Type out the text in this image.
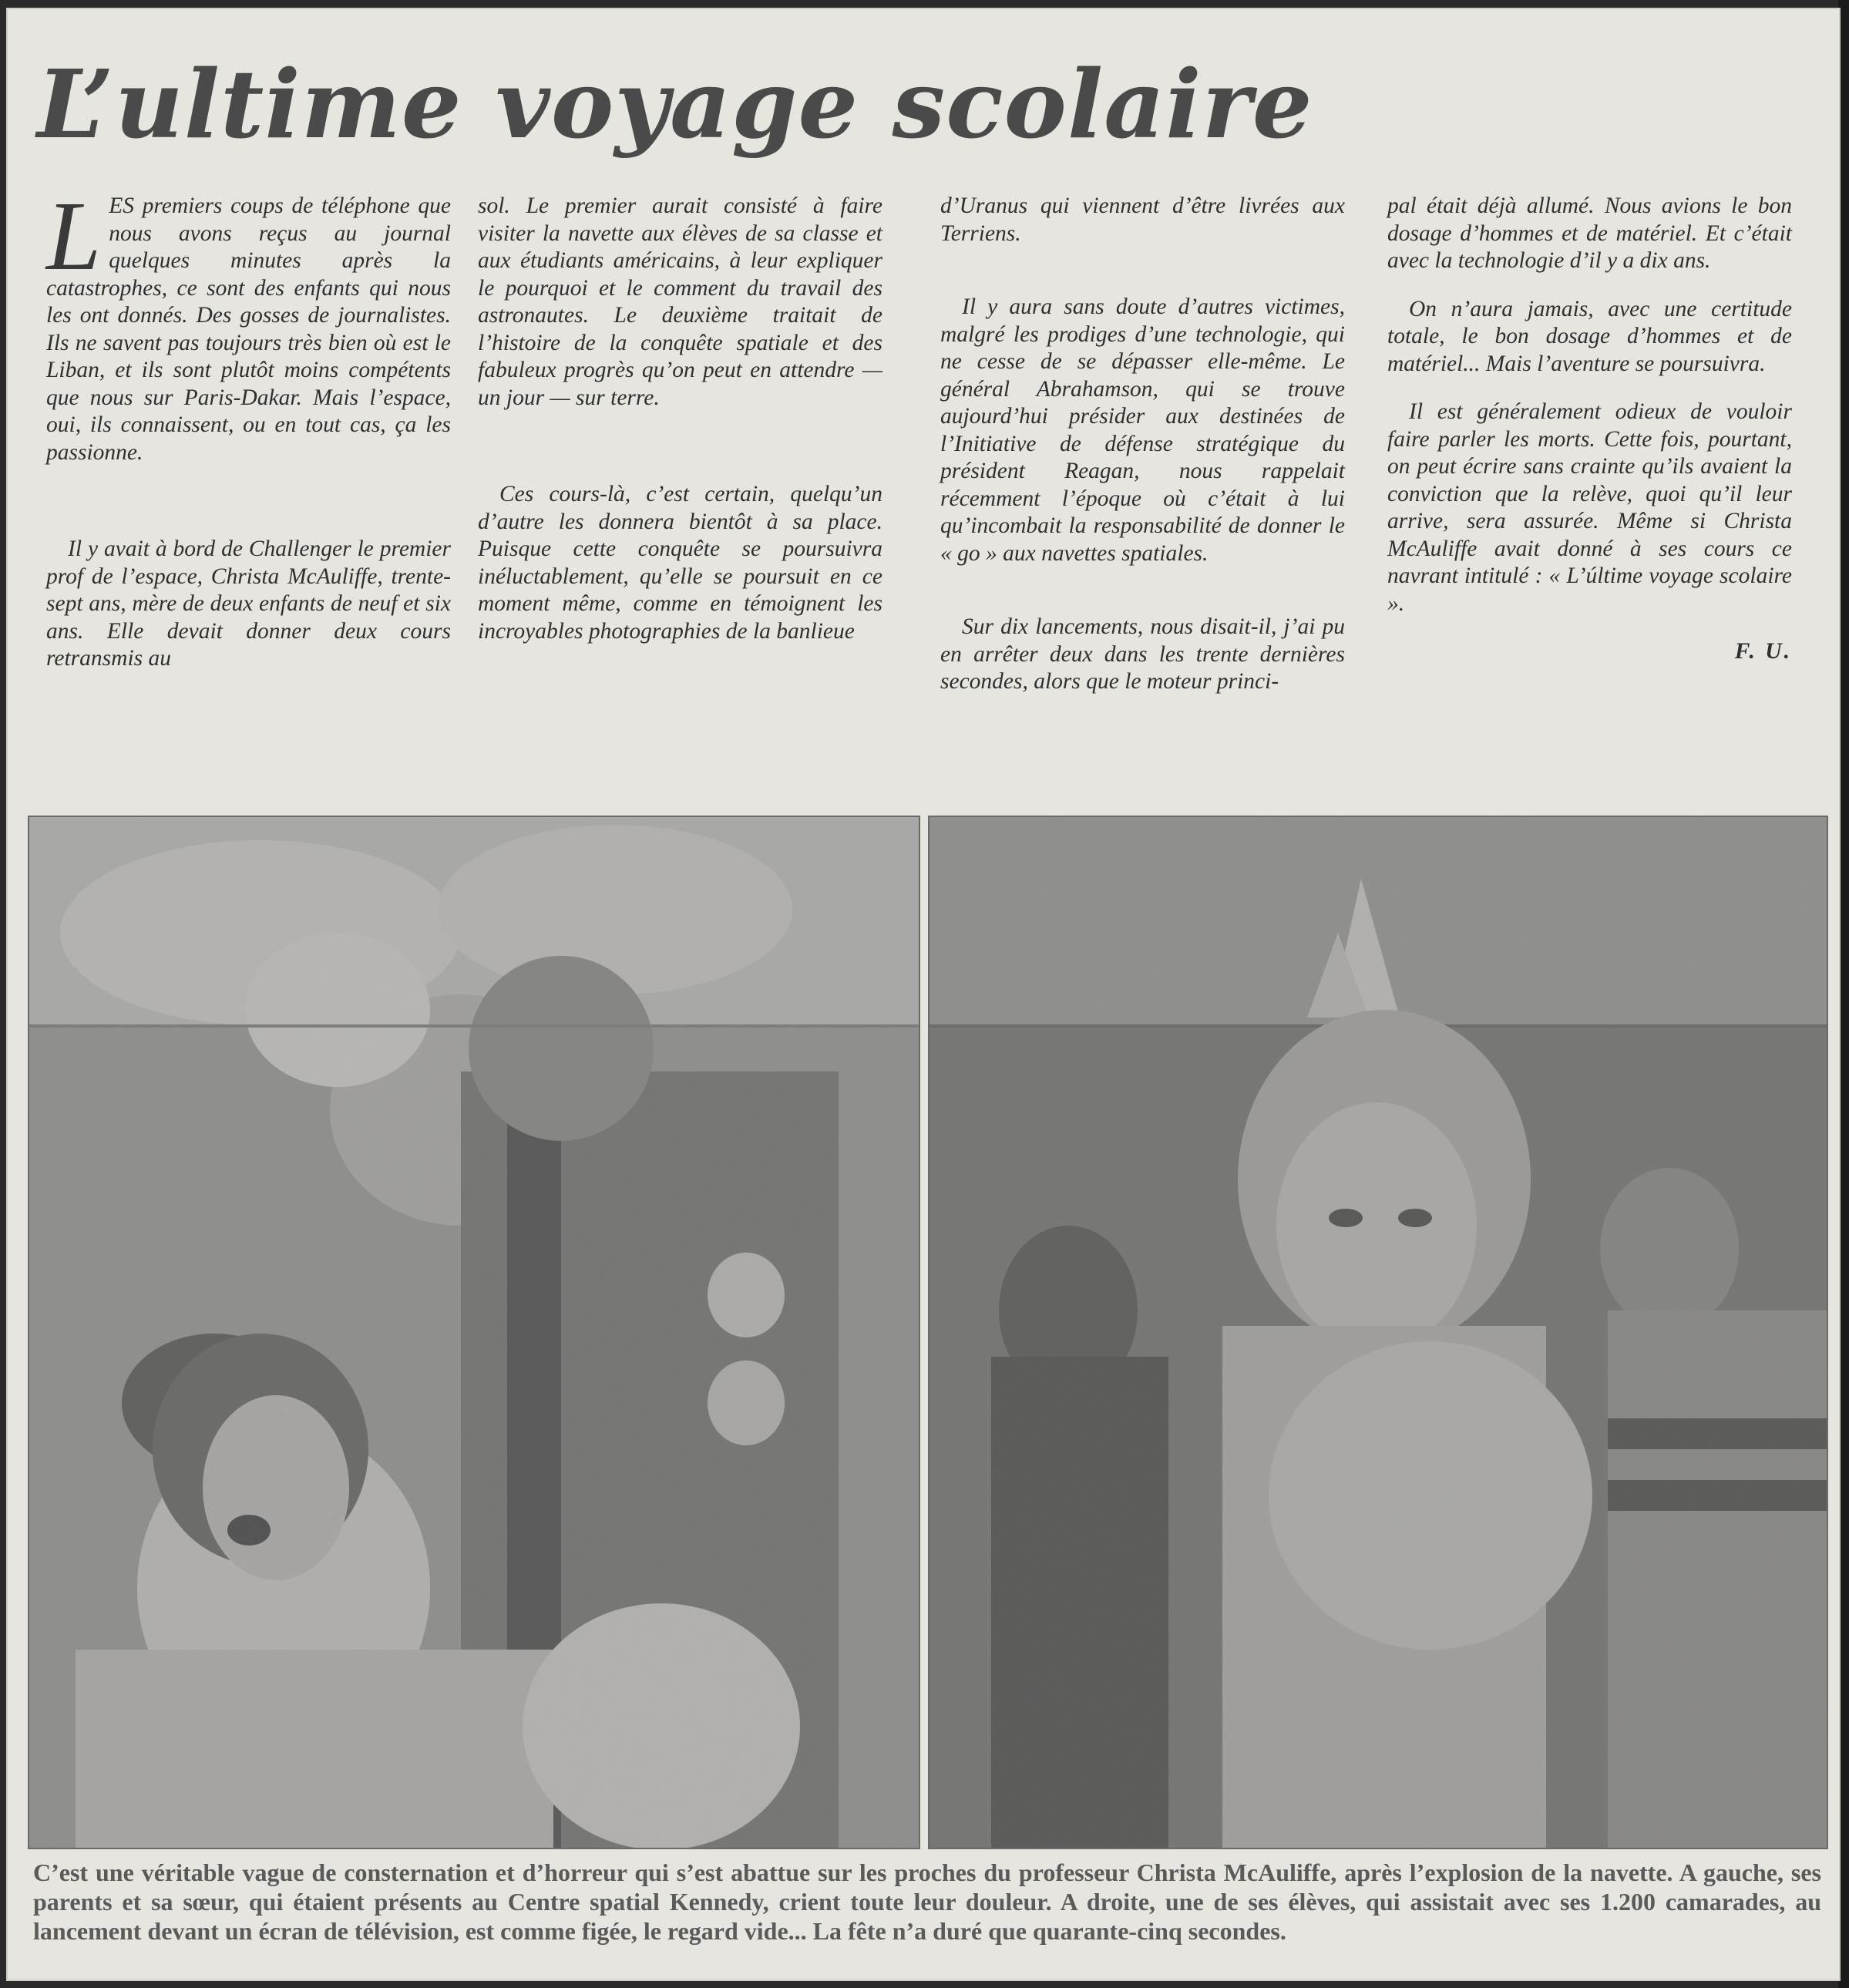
L’ultime voyage scolaire

L ES premiers coups de téléphone que nous avons reçus au journal quelques minutes après la catastrophes, ce sont des enfants qui nous les ont donnés. Des gosses de journalistes. Ils ne savent pas toujours très bien où est le Liban, et ils sont plutôt moins compétents que nous sur Paris-Dakar. Mais l’espace, oui, ils connaissent, ou en tout cas, ça les passionne.

Il y avait à bord de Challenger le premier prof de l’espace, Christa McAuliffe, trente-sept ans, mère de deux enfants de neuf et six ans. Elle devait donner deux cours retransmis au

sol. Le premier aurait consisté à faire visiter la navette aux élèves de sa classe et aux étudiants américains, à leur expliquer le pourquoi et le comment du travail des astronautes. Le deuxième traitait de l’histoire de la conquête spatiale et des fabuleux progrès qu’on peut en attendre — un jour — sur terre.

Ces cours-là, c’est certain, quelqu’un d’autre les donnera bientôt à sa place. Puisque cette conquête se poursuivra inéluctablement, qu’elle se poursuit en ce moment même, comme en témoignent les incroyables photographies de la banlieue

d’Uranus qui viennent d’être livrées aux Terriens.

Il y aura sans doute d’autres victimes, malgré les prodiges d’une technologie, qui ne cesse de se dépasser elle-même. Le général Abrahamson, qui se trouve aujourd’hui présider aux destinées de l’Initiative de défense stratégique du président Reagan, nous rappelait récemment l’époque où c’était à lui qu’incombait la responsabilité de donner le « go » aux navettes spatiales.

Sur dix lancements, nous disait-il, j’ai pu en arrêter deux dans les trente dernières secondes, alors que le moteur princi-

pal était déjà allumé. Nous avions le bon dosage d’hommes et de matériel. Et c’était avec la technologie d’il y a dix ans.

On n’aura jamais, avec une certitude totale, le bon dosage d’hommes et de matériel... Mais l’aventure se poursuivra.

Il est généralement odieux de vouloir faire parler les morts. Cette fois, pourtant, on peut écrire sans crainte qu’ils avaient la conviction que la relève, quoi qu’il leur arrive, sera assurée. Même si Christa McAuliffe avait donné à ses cours ce navrant intitulé : « L’últime voyage scolaire ».

F. U.

C’est une véritable vague de consternation et d’horreur qui s’est abattue sur les proches du professeur Christa McAuliffe, après l’explosion de la navette. A gauche, ses parents et sa sœur, qui étaient présents au Centre spatial Kennedy, crient toute leur douleur. A droite, une de ses élèves, qui assistait avec ses 1.200 camarades, au lancement devant un écran de télévision, est comme figée, le regard vide... La fête n’a duré que quarante-cinq secondes.
